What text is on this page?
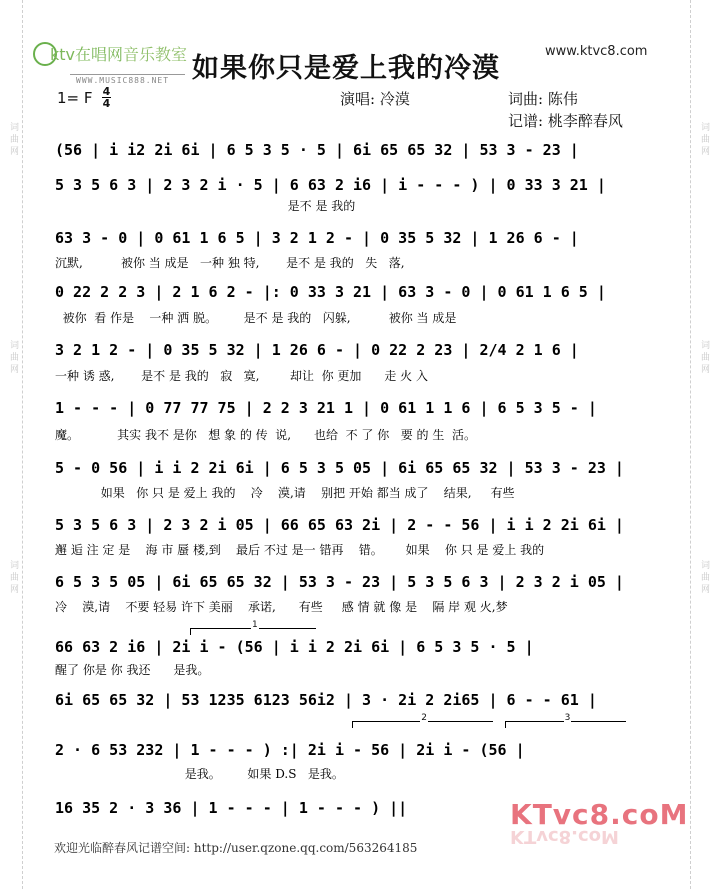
词
曲
网
词
曲
网
词
曲
网
词
曲
网
词
曲
网
词
曲
网
ktv在唱网音乐教室
WWW.MUSIC888.NET 如果你只是爱上我的冷漠
www.ktvc8.com
1= F 4
4	演唱: 冷漠	词曲: 陈伟
记谱: 桃李醉春风
(56 | i i2 2i 6i | 6 5 3 5 · 5 | 6i 65 65 32 | 53 3 - 23 |
5 3 5 6 3 | 2 3 2 i · 5 | 6 63 2 i6 | i - - - ) | 0 33 3 21 |
是不 是 我的
63 3 - 0 | 0 61 1 6 5 | 3 2 1 2 - | 0 35 5 32 | 1 26 6 - |
沉默,          被你 当 成是   一种 独 特,       是不 是 我的   失   落,
0 22 2 2 3 | 2 1 6 2 - |: 0 33 3 21 | 63 3 - 0 | 0 61 1 6 5 |
被你  看 作是    一种 洒 脱。       是不 是 我的   闪躲,          被你 当 成是
3 2 1 2 - | 0 35 5 32 | 1 26 6 - | 0 22 2 23 | 2/4 2 1 6 |
一种 诱 惑,       是不 是 我的   寂   寞,        却让  你 更加      走 火 入
1 - - - | 0 77 77 75 | 2 2 3 21 1 | 0 61 1 1 6 | 6 5 3 5 - |
魔。          其实 我不 是你   想 象 的 传  说,      也给  不 了 你   要 的 生  活。
5 - 0 56 | i i 2 2i 6i | 6 5 3 5 05 | 6i 65 65 32 | 53 3 - 23 |
如果   你 只 是 爱上 我的    冷    漠,请    别把 开始 都当 成了    结果,     有些
5 3 5 6 3 | 2 3 2 i 05 | 66 65 63 2i | 2 - - 56 | i i 2 2i 6i |
邂 逅 注 定 是    海 市 蜃 楼,到    最后 不过 是一 错再    错。      如果    你 只 是 爱上 我的
6 5 3 5 05 | 6i 65 65 32 | 53 3 - 23 | 5 3 5 6 3 | 2 3 2 i 05 |
冷    漠,请    不要 轻易 许下 美丽    承诺,      有些     感 情 就 像 是    隔 岸 观 火,梦
1
66 63 2 i6 | 2i i - (56 | i i 2 2i 6i | 6 5 3 5 · 5 |
醒了 你是 你 我还      是我。
6i 65 65 32 | 53 1235 6123 56i2 | 3 · 2i 2 2i65 | 6 - - 61 |
2	3
2 · 6 53 232 | 1 - - - ) :| 2i i - 56 | 2i i - (56 |
是我。       如果 D.S   是我。
16 35 2 · 3 36 | 1 - - - | 1 - - - ) ||	KTvc8.coM
KTvc8.coM
欢迎光临醉春风记谱空间: http://user.qzone.qq.com/563264185
